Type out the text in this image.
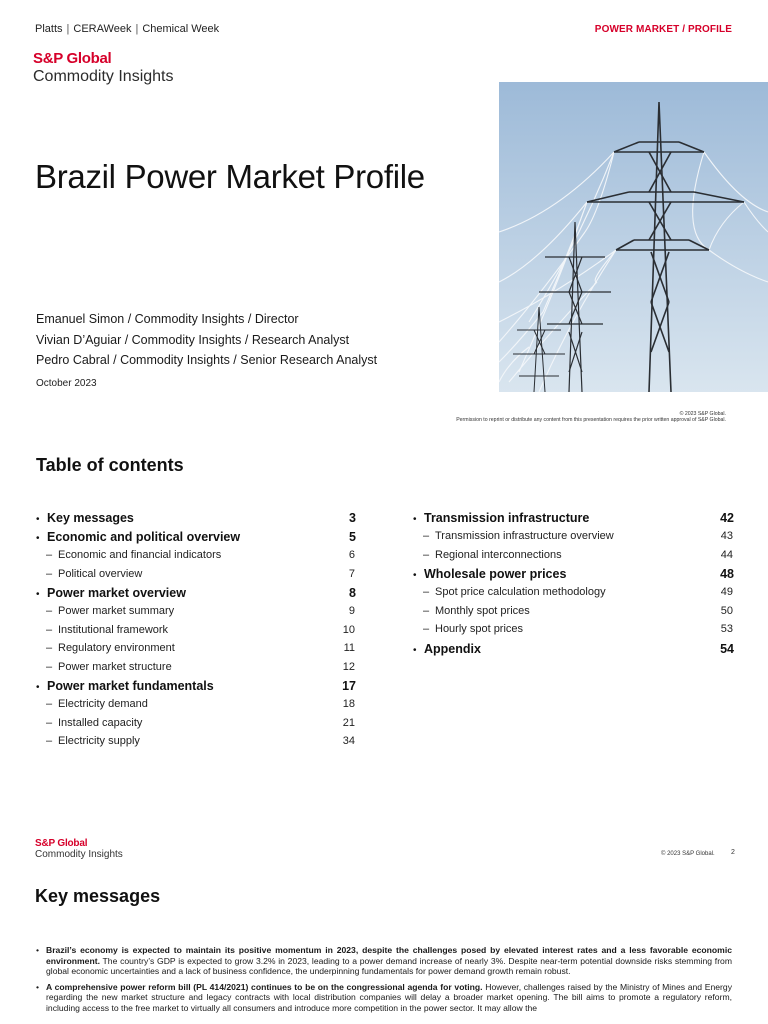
Platts | CERAWeek | Chemical Week	POWER MARKET / PROFILE
S&P Global
Commodity Insights
Brazil Power Market Profile
Emanuel Simon / Commodity Insights / Director
Vivian D’Aguiar / Commodity Insights / Research Analyst
Pedro Cabral / Commodity Insights / Senior Research Analyst
October 2023
© 2023 S&P Global.
Permission to reprint or distribute any content from this presentation requires the prior written approval of S&P Global.
Table of contents
• Key messages	3
• Economic and political overview	5
– Economic and financial indicators	6
– Political overview	7
• Power market overview	8
– Power market summary	9
– Institutional framework	10
– Regulatory environment	11
– Power market structure	12
• Power market fundamentals	17
– Electricity demand	18
– Installed capacity	21
– Electricity supply	34
• Transmission infrastructure	42
– Transmission infrastructure overview	43
– Regional interconnections	44
• Wholesale power prices	48
– Spot price calculation methodology	49
– Monthly spot prices	50
– Hourly spot prices	53
• Appendix	54
S&P Global
Commodity Insights	© 2023 S&P Global. 2
Key messages
• Brazil’s economy is expected to maintain its positive momentum in 2023, despite the challenges posed by elevated interest rates and a less favorable economic environment. The country’s GDP is expected to grow 3.2% in 2023, leading to a power demand increase of nearly 3%. Despite near-term potential downside risks stemming from global economic uncertainties and a lack of business confidence, the underpinning fundamentals for power demand growth remain robust.
• A comprehensive power reform bill (PL 414/2021) continues to be on the congressional agenda for voting. However, challenges raised by the Ministry of Mines and Energy regarding the new market structure and legacy contracts with local distribution companies will delay a broader market opening. The bill aims to promote a regulatory reform, including access to the free market to virtually all consumers and introduce more competition in the power sector. It may allow the
